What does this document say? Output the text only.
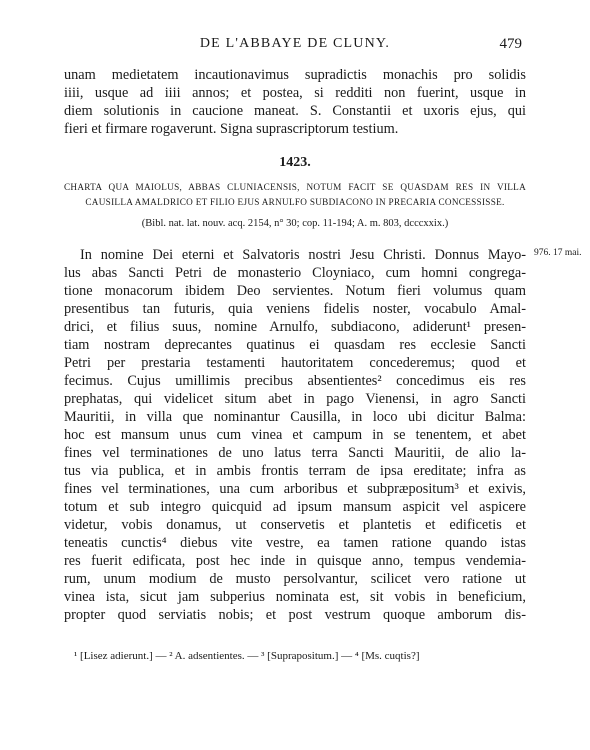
DE L'ABBAYE DE CLUNY.	479
unam medietatem incautionavimus supradictis monachis pro solidis
iiii, usque ad iiii annos; et postea, si redditi non fuerint, usque in
diem solutionis in caucione maneat. S. Constantii et uxoris ejus, qui
fieri et firmare rogaverunt. Signa suprascriptorum testium.
1423.
CHARTA QUA MAIOLUS, ABBAS CLUNIACENSIS, NOTUM FACIT SE QUASDAM RES IN VILLA
CAUSILLA AMALDRICO ET FILIO EJUS ARNULFO SUBDIACONO IN PRECARIA CONCESSISSE.
(Bibl. nat. lat. nouv. acq. 2154, n° 30; cop. 11-194; A. m. 803, dcccxxix.)
976. 17 mai.
In nomine Dei eterni et Salvatoris nostri Jesu Christi. Donnus Mayo-
lus abas Sancti Petri de monasterio Cloyniaco, cum homni congrega-
tione monacorum ibidem Deo servientes. Notum fieri volumus quam
presentibus tan futuris, quia veniens fidelis noster, vocabulo Amal-
drici, et filius suus, nomine Arnulfo, subdiacono, adiderunt¹ presen-
tiam nostram deprecantes quatinus ei quasdam res ecclesie Sancti
Petri per prestaria testamenti hautoritatem concederemus; quod et
fecimus. Cujus umillimis precibus absentientes² concedimus eis res
prephatas, qui videlicet situm abet in pago Vienensi, in agro Sancti
Mauritii, in villa que nominantur Causilla, in loco ubi dicitur Balma:
hoc est mansum unus cum vinea et campum in se tenentem, et abet
fines vel terminationes de uno latus terra Sancti Mauritii, de alio la-
tus via publica, et in ambis frontis terram de ipsa ereditate; infra as
fines vel terminationes, una cum arboribus et subpræpositum³ et exivis,
totum et sub integro quicquid ad ipsum mansum aspicit vel aspicere
videtur, vobis donamus, ut conservetis et plantetis et edificetis et
teneatis cunctis⁴ diebus vite vestre, ea tamen ratione quando istas
res fuerit edificata, post hec inde in quisque anno, tempus vendemia-
rum, unum modium de musto persolvantur, scilicet vero ratione ut
vinea ista, sicut jam subperius nominata est, sit vobis in beneficium,
propter quod serviatis nobis; et post vestrum quoque amborum dis-
¹ [Lisez adierunt.] — ² A. adsentientes. — ³ [Suprapositum.] — ⁴ [Ms. cuqtis?]
